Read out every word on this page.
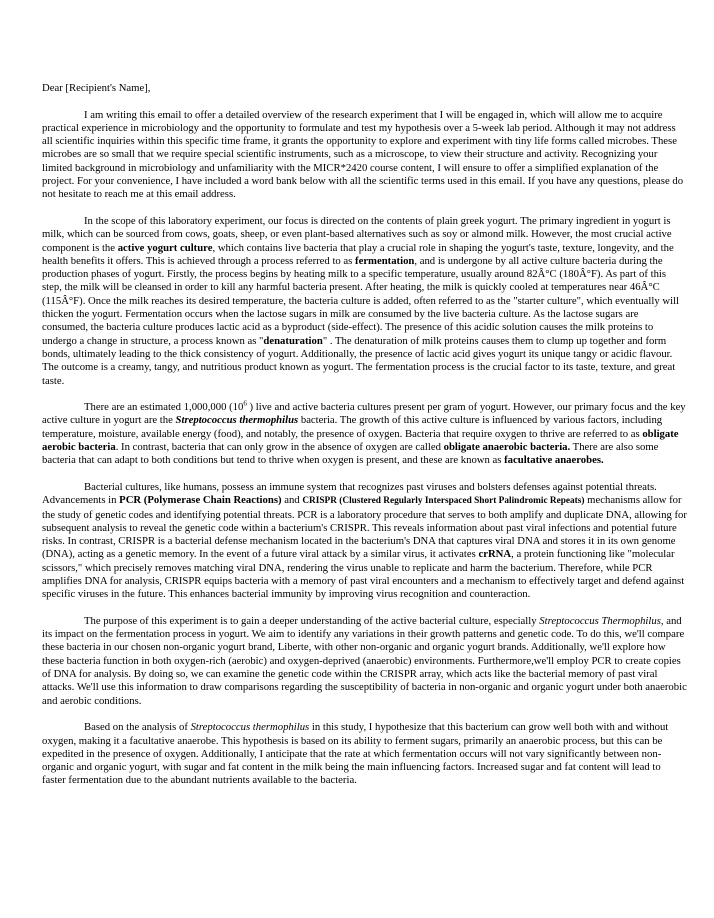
Dear [Recipient's Name],

I am writing this email to offer a detailed overview of the research experiment that I will be engaged in, which will allow me to acquire practical experience in microbiology and the opportunity to formulate and test my hypothesis over a 5-week lab period. Although it may not address all scientific inquiries within this specific time frame, it grants the opportunity to explore and experiment with tiny life forms called microbes. These microbes are so small that we require special scientific instruments, such as a microscope, to view their structure and activity. Recognizing your limited background in microbiology and unfamiliarity with the MICR*2420 course content, I will ensure to offer a simplified explanation of the project. For your convenience, I have included a word bank below with all the scientific terms used in this email. If you have any questions, please do not hesitate to reach me at this email address.

In the scope of this laboratory experiment, our focus is directed on the contents of plain greek yogurt. The primary ingredient in yogurt is milk, which can be sourced from cows, goats, sheep, or even plant-based alternatives such as soy or almond milk. However, the most crucial active component is the active yogurt culture, which contains live bacteria that play a crucial role in shaping the yogurt's taste, texture, longevity, and the health benefits it offers. This is achieved through a process referred to as fermentation, and is undergone by all active culture bacteria during the production phases of yogurt. Firstly, the process begins by heating milk to a specific temperature, usually around 82Â°C (180Â°F). As part of this step, the milk will be cleansed in order to kill any harmful bacteria present. After heating, the milk is quickly cooled at temperatures near 46Â°C (115Â°F). Once the milk reaches its desired temperature, the bacteria culture is added, often referred to as the "starter culture", which eventually will thicken the yogurt. Fermentation occurs when the lactose sugars in milk are consumed by the live bacteria culture. As the lactose sugars are consumed, the bacteria culture produces lactic acid as a byproduct (side-effect). The presence of this acidic solution causes the milk proteins to undergo a change in structure, a process known as "denaturation" . The denaturation of milk proteins causes them to clump up together and form bonds, ultimately leading to the thick consistency of yogurt. Additionally, the presence of lactic acid gives yogurt its unique tangy or acidic flavour. The outcome is a creamy, tangy, and nutritious product known as yogurt. The fermentation process is the crucial factor to its taste, texture, and great taste.

There are an estimated 1,000,000 ($10^6$ ) live and active bacteria cultures present per gram of yogurt. However, our primary focus and the key active culture in yogurt are the Streptococcus thermophilus bacteria. The growth of this active culture is influenced by various factors, including temperature, moisture, available energy (food), and notably, the presence of oxygen. Bacteria that require oxygen to thrive are referred to as obligate aerobic bacteria. In contrast, bacteria that can only grow in the absence of oxygen are called obligate anaerobic bacteria. There are also some bacteria that can adapt to both conditions but tend to thrive when oxygen is present, and these are known as facultative anaerobes.

Bacterial cultures, like humans, possess an immune system that recognizes past viruses and bolsters defenses against potential threats. Advancements in PCR (Polymerase Chain Reactions) and CRISPR (Clustered Regularly Interspaced Short Palindromic Repeats) mechanisms allow for the study of genetic codes and identifying potential threats. PCR is a laboratory procedure that serves to both amplify and duplicate DNA, allowing for subsequent analysis to reveal the genetic code within a bacterium's CRISPR. This reveals information about past viral infections and potential future risks. In contrast, CRISPR is a bacterial defense mechanism located in the bacterium's DNA that captures viral DNA and stores it in its own genome (DNA), acting as a genetic memory. In the event of a future viral attack by a similar virus, it activates crRNA, a protein functioning like "molecular scissors," which precisely removes matching viral DNA, rendering the virus unable to replicate and harm the bacterium. Therefore, while PCR amplifies DNA for analysis, CRISPR equips bacteria with a memory of past viral encounters and a mechanism to effectively target and defend against specific viruses in the future. This enhances bacterial immunity by improving virus recognition and counteraction.

The purpose of this experiment is to gain a deeper understanding of the active bacterial culture, especially Streptococcus Thermophilus, and its impact on the fermentation process in yogurt. We aim to identify any variations in their growth patterns and genetic code. To do this, we'll compare these bacteria in our chosen non-organic yogurt brand, Liberte, with other non-organic and organic yogurt brands. Additionally, we'll explore how these bacteria function in both oxygen-rich (aerobic) and oxygen-deprived (anaerobic) environments. Furthermore,we'll employ PCR to create copies of DNA for analysis. By doing so, we can examine the genetic code within the CRISPR array, which acts like the bacterial memory of past viral attacks. We'll use this information to draw comparisons regarding the susceptibility of bacteria in non-organic and organic yogurt under both anaerobic and aerobic conditions.

Based on the analysis of Streptococcus thermophilus in this study, I hypothesize that this bacterium can grow well both with and without oxygen, making it a facultative anaerobe. This hypothesis is based on its ability to ferment sugars, primarily an anaerobic process, but this can be expedited in the presence of oxygen. Additionally, I anticipate that the rate at which fermentation occurs will not vary significantly between non-organic and organic yogurt, with sugar and fat content in the milk being the main influencing factors. Increased sugar and fat content will lead to faster fermentation due to the abundant nutrients available to the bacteria.
